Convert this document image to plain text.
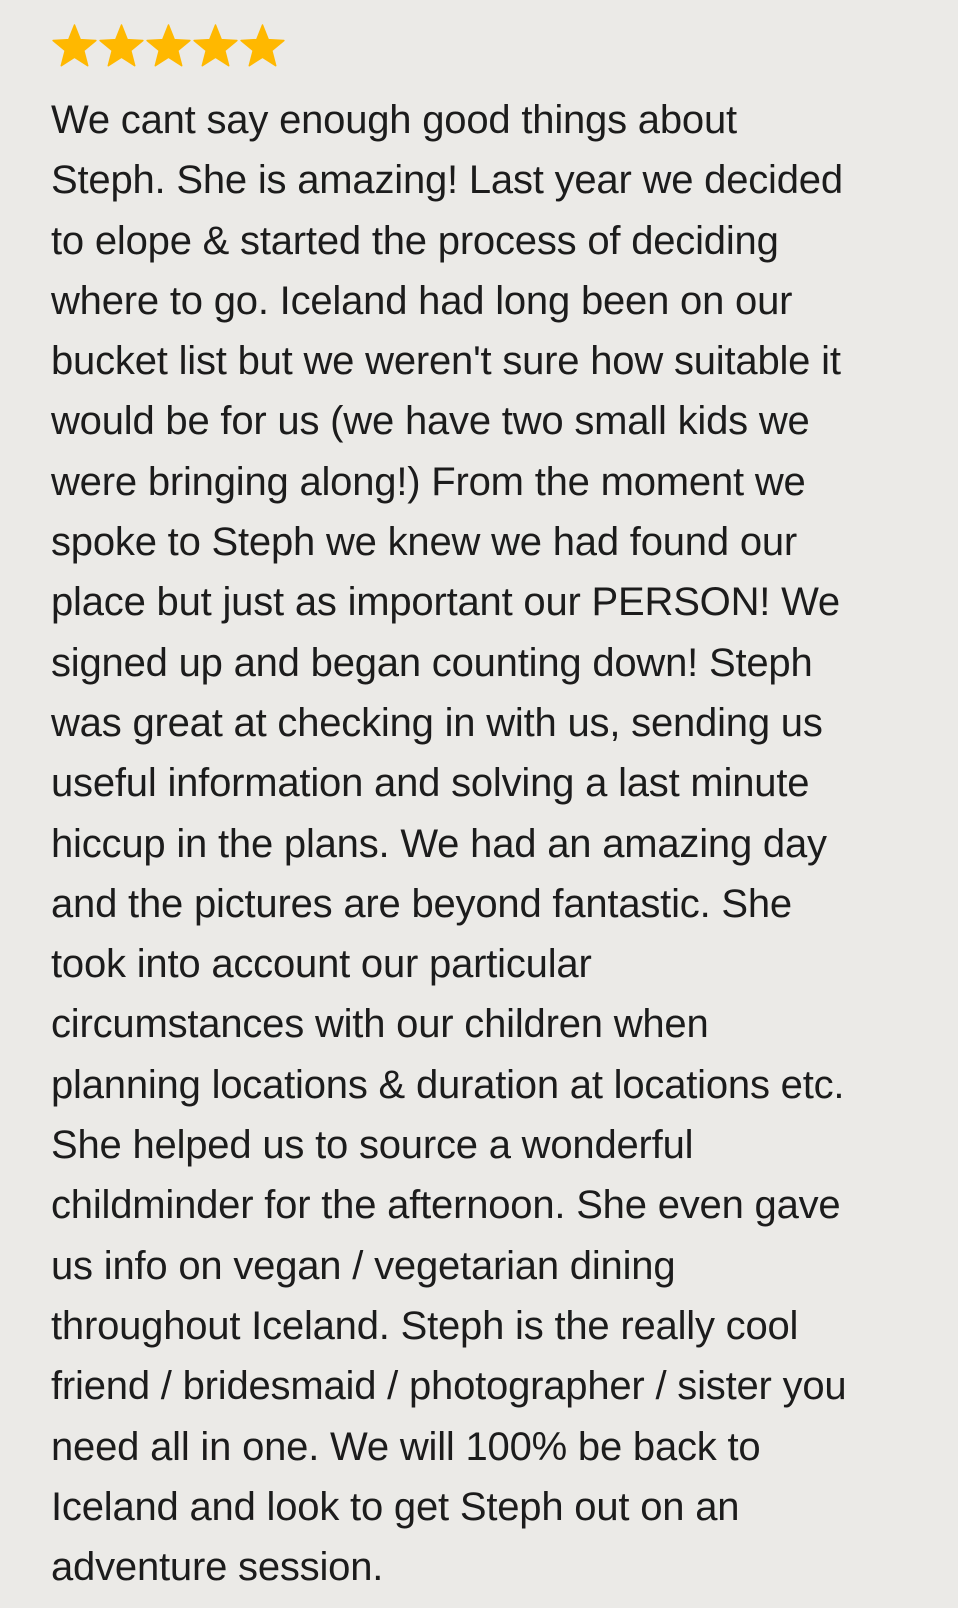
We cant say enough good things about
Steph. She is amazing! Last year we decided
to elope & started the process of deciding
where to go. Iceland had long been on our
bucket list but we weren't sure how suitable it
would be for us (we have two small kids we
were bringing along!) From the moment we
spoke to Steph we knew we had found our
place but just as important our PERSON! We
signed up and began counting down! Steph
was great at checking in with us, sending us
useful information and solving a last minute
hiccup in the plans. We had an amazing day
and the pictures are beyond fantastic. She
took into account our particular
circumstances with our children when
planning locations & duration at locations etc.
She helped us to source a wonderful
childminder for the afternoon. She even gave
us info on vegan / vegetarian dining
throughout Iceland. Steph is the really cool
friend / bridesmaid / photographer / sister you
need all in one. We will 100% be back to
Iceland and look to get Steph out on an
adventure session.
